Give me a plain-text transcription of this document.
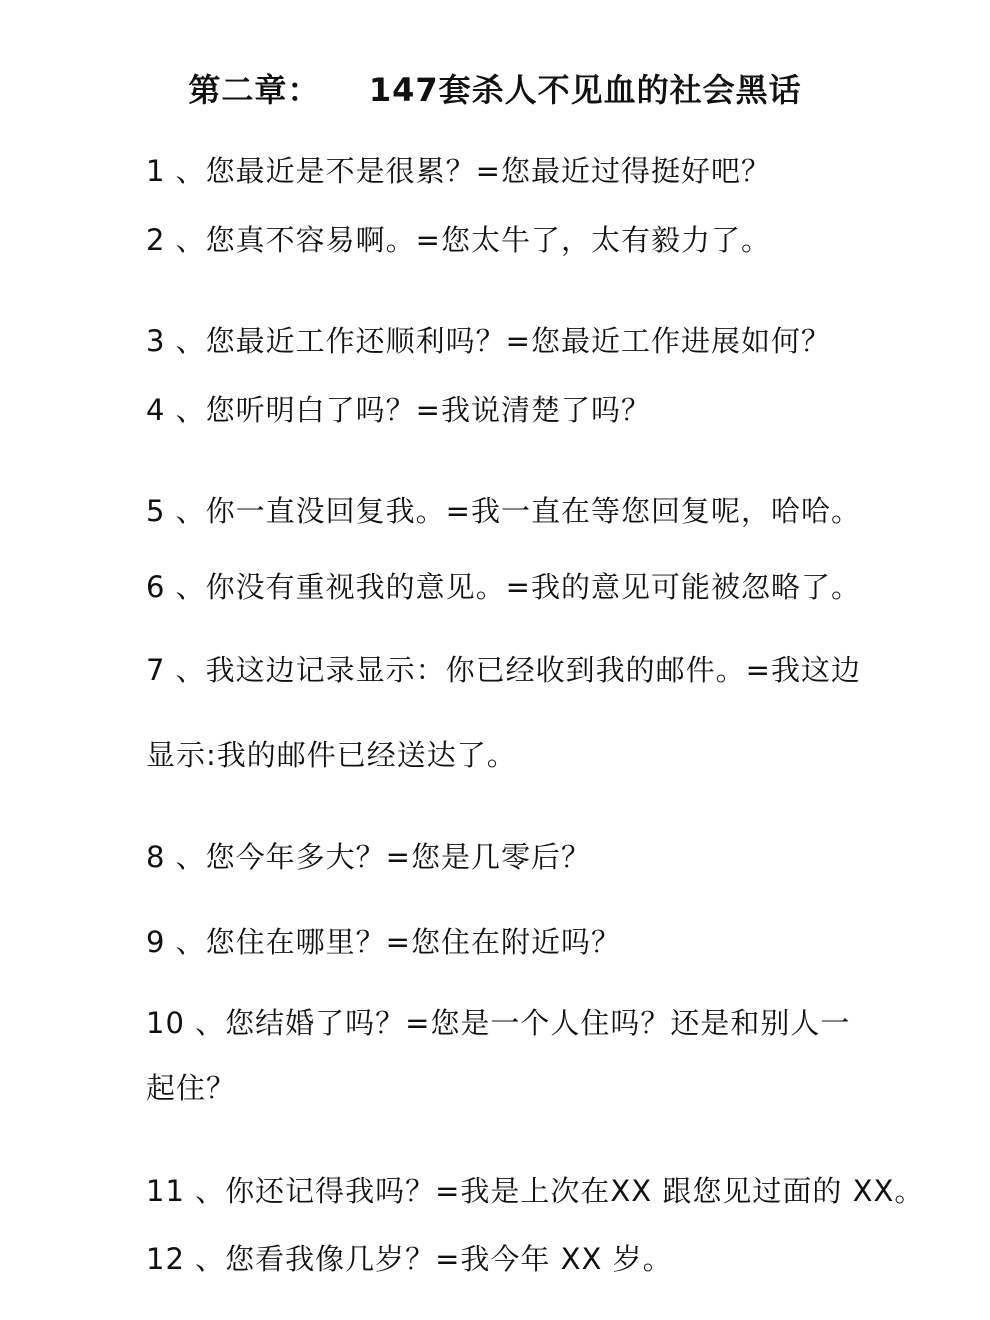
第二章：    147套杀人不见血的社会黑话
1 、您最近是不是很累？=您最近过得挺好吧？
2 、您真不容易啊。=您太牛了，太有毅力了。
3 、您最近工作还顺利吗？=您最近工作进展如何？
4 、您听明白了吗？=我说清楚了吗？
5 、你一直没回复我。=我一直在等您回复呢，哈哈。
6 、你没有重视我的意见。=我的意见可能被忽略了。
7 、我这边记录显示：你已经收到我的邮件。=我这边
显示:我的邮件已经送达了。
8 、您今年多大？=您是几零后？
9 、您住在哪里？=您住在附近吗？
10 、您结婚了吗？=您是一个人住吗？还是和别人一
起住？
11 、你还记得我吗？=我是上次在XX 跟您见过面的 XX。
12 、您看我像几岁？=我今年 XX 岁。
